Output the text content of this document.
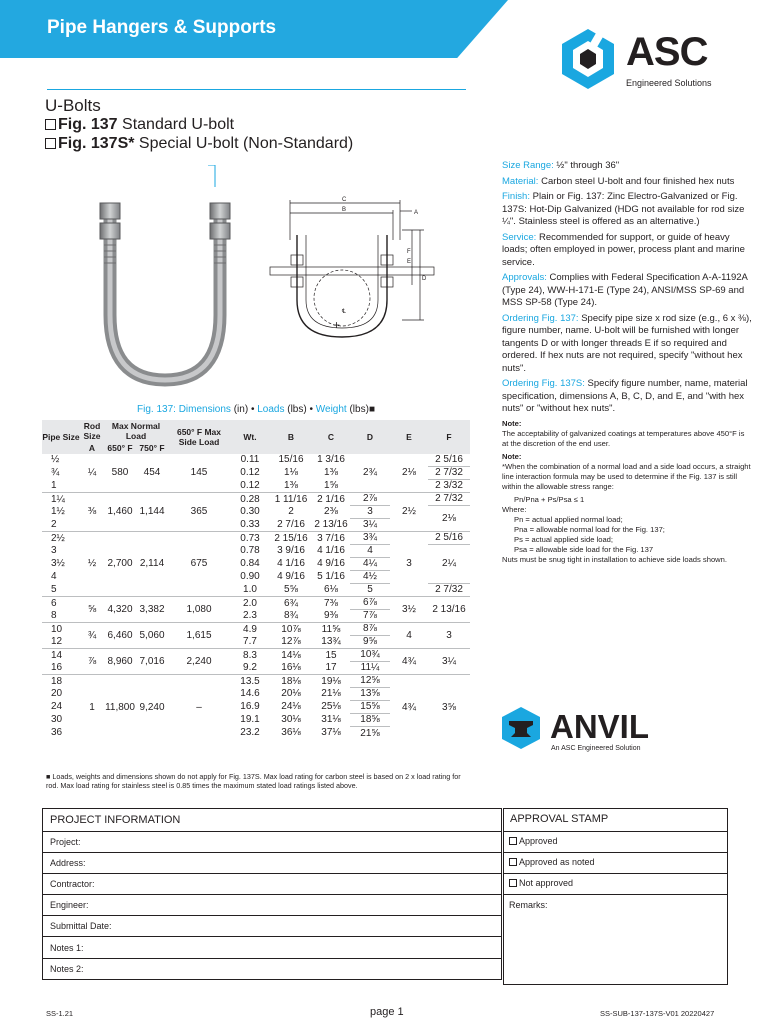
Pipe Hangers & Supports
ASC
Engineered Solutions
U-Bolts
Fig. 137 Standard U-bolt
Fig. 137S* Special U-bolt (Non-Standard)
C
B	A
E
F
D
℄
+

Size Range: ½" through 36"

Material: Carbon steel U-bolt and four finished hex nuts

Finish: Plain or Fig. 137: Zinc Electro-Galvanized or Fig. 137S: Hot-Dip Galvanized (HDG not available for rod size ¼". Stainless steel is offered as an alternative.)

Service: Recommended for support, or guide of heavy loads; often employed in power, process plant and marine service.

Approvals: Complies with Federal Specification A-A-1192A (Type 24), WW-H-171-E (Type 24), ANSI/MSS SP-69 and MSS SP-58 (Type 24).

Ordering Fig. 137: Specify pipe size x rod size (e.g., 6 x ⅜), figure number, name. U-bolt will be furnished with longer tangents D or with longer threads E if so required and ordered. If hex nuts are not required, specify "without hex nuts".

Ordering Fig. 137S: Specify figure number, name, material specification, dimensions A, B, C, D, and E, and "with hex nuts" or "without hex nuts".

Note:
The acceptability of galvanized coatings at temperatures above 450°F is at the discretion of the end user.
Note:
*When the combination of a normal load and a side load occurs, a straight line interaction formula may be used to determine if the Fig. 137 is still within the allowable stress range:
Pn/Pna + Ps/Psa ≤ 1
Where:
Pn = actual applied normal load;
Pna = allowable normal load for the Fig. 137;
Ps = actual applied side load;
Psa = allowable side load for the Fig. 137
Nuts must be snug tight in installation to achieve side loads shown.
ANVIL
An ASC Engineered Solution
Fig. 137: Dimensions (in) • Loads (lbs) • Weight (lbs)■
Pipe Size	Rod Size	Max Normal Load		650° F Max Side Load	Wt.	B	C	D	E	F
	A	650° F	750° F							
½	¼	580	454	145	0.11	15/16	1 3/16	2¾	2⅛	2 5/16
¾					0.12	1⅛	1⅜			2 7/32
1					0.12	1⅜	1⅝			2 3/32
1¼	⅜	1,460	1,144	365	0.28	1 11/16	2 1/16	2⅞	2½	2 7/32
1½					0.30	2	2⅜	3		2⅛
2					0.33	2 7/16	2 13/16	3¼		
2½	½	2,700	2,114	675	0.73	2 15/16	3 7/16	3¾	3	2 5/16
3					0.78	3 9/16	4 1/16	4		2¼
3½					0.84	4 1/16	4 9/16	4¼		
4					0.90	4 9/16	5 1/16	4½		
5					1.0	5⅝	6⅛	5		2 7/32
6	⅝	4,320	3,382	1,080	2.0	6¾	7⅜	6⅞	3½	2 13/16
8					2.3	8¾	9⅜	7⅞		
10	¾	6,460	5,060	1,615	4.9	10⅞	11⅝	8⅞	4	3
12					7.7	12⅞	13¾	9⅝		
14	⅞	8,960	7,016	2,240	8.3	14⅛	15	10¾	4¾	3¼
16					9.2	16⅛	17	11¼		
18	1	11,800	9,240	–	13.5	18⅛	19⅛	12⅝	4¾	3⅝
20					14.6	20⅛	21⅛	13⅝		
24					16.9	24⅛	25⅛	15⅝		
30					19.1	30⅛	31⅛	18⅝		
36					23.2	36⅛	37⅛	21⅝		
■ Loads, weights and dimensions shown do not apply for Fig. 137S. Max load rating for carbon steel is based on 2 x load rating for rod. Max load rating for stainless steel is 0.85 times the maximum stated load ratings listed above.
PROJECT INFORMATION
Project:
Address:
Contractor:
Engineer:
Submittal Date:
Notes 1:
Notes 2:
APPROVAL STAMP
Approved
Approved as noted
Not approved
Remarks:
SS-1.21	page 1	SS-SUB-137-137S-V01 20220427
